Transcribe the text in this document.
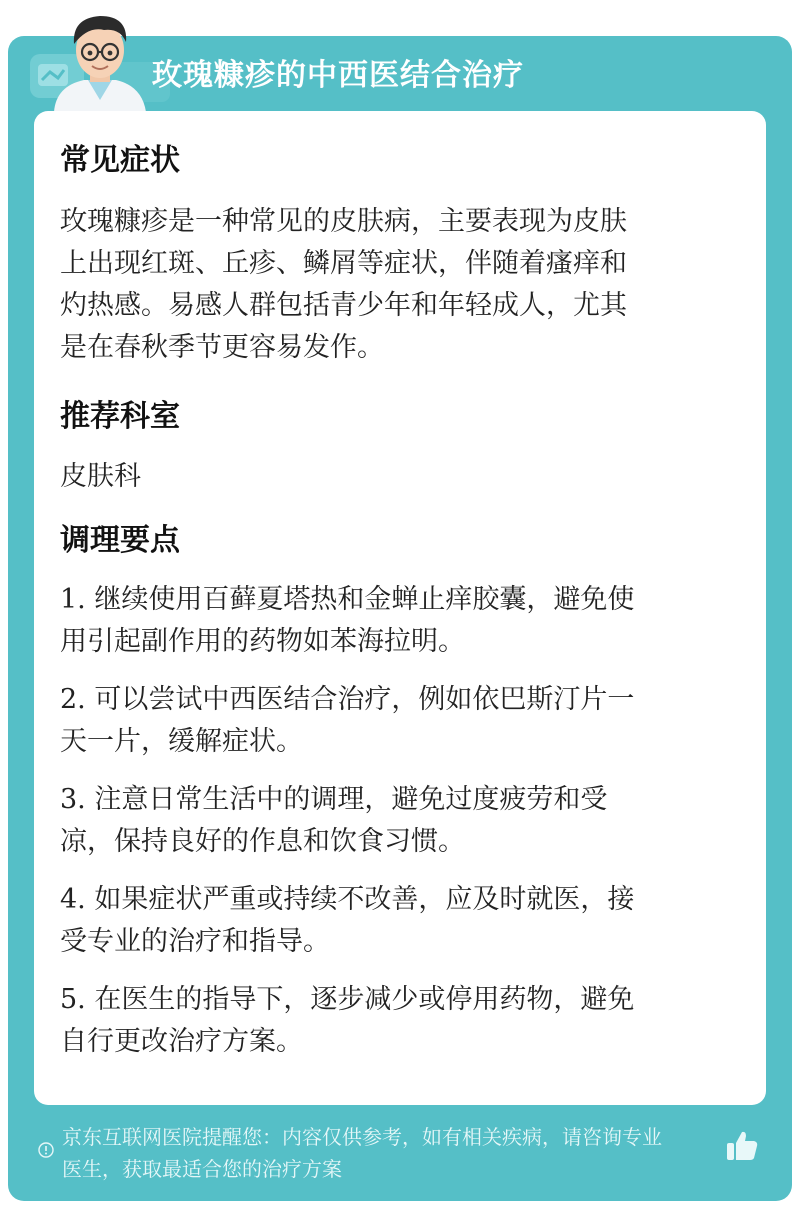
玫瑰糠疹的中西医结合治疗
常见症状
玫瑰糠疹是一种常见的皮肤病，主要表现为皮肤
上出现红斑、丘疹、鳞屑等症状，伴随着瘙痒和
灼热感。易感人群包括青少年和年轻成人，尤其
是在春秋季节更容易发作。
推荐科室
皮肤科
调理要点
1. 继续使用百藓夏塔热和金蝉止痒胶囊，避免使
用引起副作用的药物如苯海拉明。
2. 可以尝试中西医结合治疗，例如依巴斯汀片一
天一片，缓解症状。
3. 注意日常生活中的调理，避免过度疲劳和受
凉，保持良好的作息和饮食习惯。
4. 如果症状严重或持续不改善，应及时就医，接
受专业的治疗和指导。
5. 在医生的指导下，逐步减少或停用药物，避免
自行更改治疗方案。
京东互联网医院提醒您：内容仅供参考，如有相关疾病，请咨询专业
医生，获取最适合您的治疗方案
